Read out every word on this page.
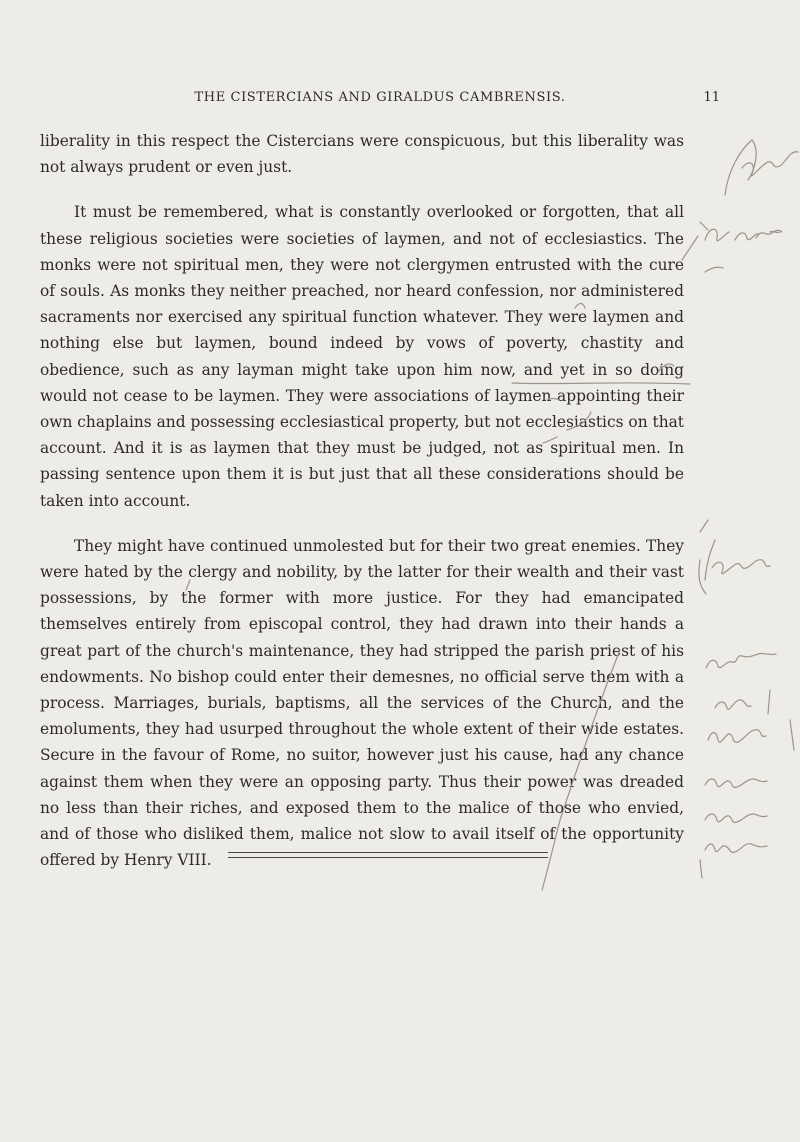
THE CISTERCIANS AND GIRALDUS CAMBRENSIS.	11

liberality in this respect the Cistercians were conspicuous, but this liberality was not always prudent or even just.

It must be remembered, what is constantly overlooked or forgotten, that all these religious societies were societies of laymen, and not of ecclesiastics. The monks were not spiritual men, they were not clergymen entrusted with the cure of souls. As monks they neither preached, nor heard confession, nor administered sacraments nor exercised any spiritual function whatever. They were laymen and nothing else but laymen, bound indeed by vows of poverty, chastity and obedience, such as any layman might take upon him now, and yet in so doing would not cease to be laymen. They were associations of laymen appointing their own chaplains and possessing ecclesiastical property, but not ecclesiastics on that account. And it is as laymen that they must be judged, not as spiritual men. In passing sentence upon them it is but just that all these considerations should be taken into account.

They might have continued unmolested but for their two great enemies. They were hated by the clergy and nobility, by the latter for their wealth and their vast possessions, by the former with more justice. For they had emancipated themselves entirely from episcopal control, they had drawn into their hands a great part of the church's maintenance, they had stripped the parish priest of his endowments. No bishop could enter their demesnes, no official serve them with a process. Marriages, burials, baptisms, all the services of the Church, and the emoluments, they had usurped throughout the whole extent of their wide estates. Secure in the favour of Rome, no suitor, however just his cause, had any chance against them when they were an opposing party. Thus their power was dreaded no less than their riches, and exposed them to the malice of those who envied, and of those who disliked them, malice not slow to avail itself of the opportunity offered by Henry VIII.
